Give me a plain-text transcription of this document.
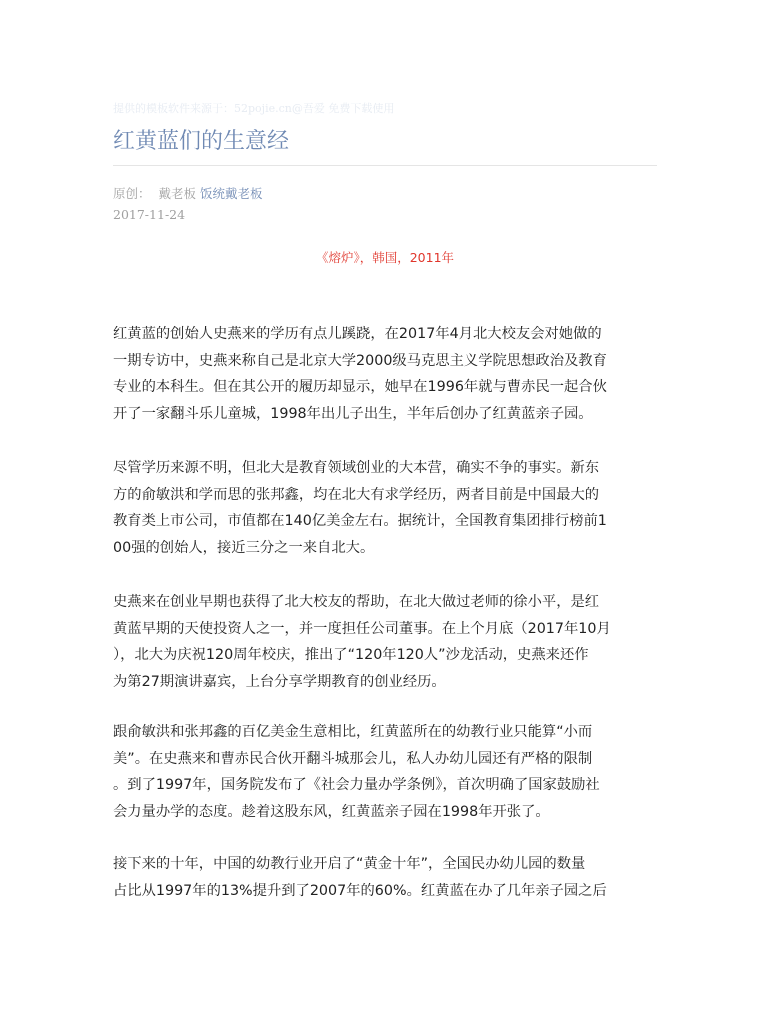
提供的模板软件来源于：52pojie.cn@吾爱 免费下载使用
红黄蓝们的生意经
原创： 戴老板 饭统戴老板
2017-11-24
《熔炉》，韩国，2011年
红黄蓝的创始人史燕来的学历有点儿蹊跷，在2017年4月北大校友会对她做的
一期专访中，史燕来称自己是北京大学2000级马克思主义学院思想政治及教育
专业的本科生。但在其公开的履历却显示，她早在1996年就与曹赤民一起合伙
开了一家翻斗乐儿童城，1998年出儿子出生，半年后创办了红黄蓝亲子园。
尽管学历来源不明，但北大是教育领域创业的大本营，确实不争的事实。新东
方的俞敏洪和学而思的张邦鑫，均在北大有求学经历，两者目前是中国最大的
教育类上市公司，市值都在140亿美金左右。据统计，全国教育集团排行榜前1
00强的创始人，接近三分之一来自北大。
史燕来在创业早期也获得了北大校友的帮助，在北大做过老师的徐小平，是红
黄蓝早期的天使投资人之一，并一度担任公司董事。在上个月底（2017年10月
），北大为庆祝120周年校庆，推出了“120年120人”沙龙活动，史燕来还作
为第27期演讲嘉宾，上台分享学期教育的创业经历。
跟俞敏洪和张邦鑫的百亿美金生意相比，红黄蓝所在的幼教行业只能算“小而
美”。在史燕来和曹赤民合伙开翻斗城那会儿，私人办幼儿园还有严格的限制
。到了1997年，国务院发布了《社会力量办学条例》，首次明确了国家鼓励社
会力量办学的态度。趁着这股东风，红黄蓝亲子园在1998年开张了。
接下来的十年，中国的幼教行业开启了“黄金十年”，全国民办幼儿园的数量
占比从1997年的13%提升到了2007年的60%。红黄蓝在办了几年亲子园之后
